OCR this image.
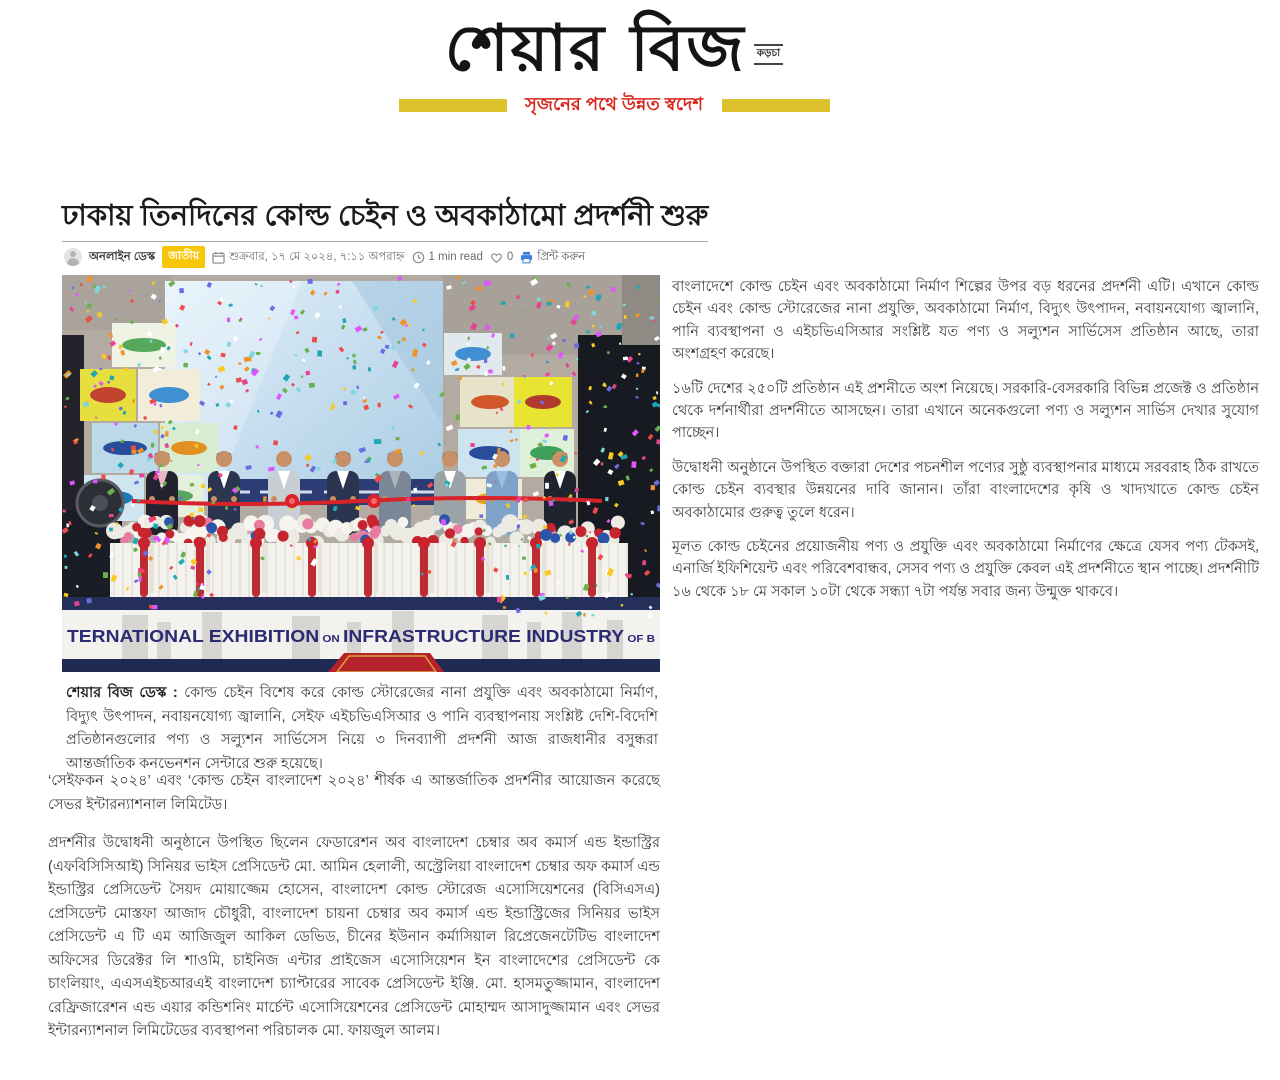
শেয়ার বিজ কড়চা
সৃজনের পথে উন্নত স্বদেশ
ঢাকায় তিনদিনের কোল্ড চেইন ও অবকাঠামো প্রদর্শনী শুরু
অনলাইন ডেস্ক	জাতীয়	শুক্রবার, ১৭ মে ২০২৪, ৭:১১ অপরাহ্ন 1 min read 0 প্রিন্ট করুন
TERNATIONAL EXHIBITION ON INFRASTRUCTURE INDUSTRY OF B

শেয়ার বিজ ডেস্ক : কোল্ড চেইন বিশেষ করে কোল্ড স্টোরেজের নানা প্রযুক্তি এবং অবকাঠামো নির্মাণ, বিদ্যুৎ উৎপাদন, নবায়নযোগ্য জ্বালানি, সেইফ এইচভিএসিআর ও পানি ব্যবস্থাপনায় সংশ্লিষ্ট দেশি-বিদেশি প্রতিষ্ঠানগুলোর পণ্য ও সল্যুশন সার্ভিসেস নিয়ে ৩ দিনব্যাপী প্রদর্শনী আজ রাজধানীর বসুন্ধরা আন্তর্জাতিক কনভেনশন সেন্টারে শুরু হয়েছে।

‘সেইফকন ২০২৪’ এবং ‘কোল্ড চেইন বাংলাদেশ ২০২৪’ শীর্ষক এ আন্তর্জাতিক প্রদর্শনীর আয়োজন করেছে সেভর ইন্টারন্যাশনাল লিমিটেড।

প্রদর্শনীর উদ্বোধনী অনুষ্ঠানে উপস্থিত ছিলেন ফেডারেশন অব বাংলাদেশ চেম্বার অব কমার্স এন্ড ইন্ডাস্ট্রির (এফবিসিসিআই) সিনিয়র ভাইস প্রেসিডেন্ট মো. আমিন হেলালী, অস্ট্রেলিয়া বাংলাদেশ চেম্বার অফ কমার্স এন্ড ইন্ডাস্ট্রির প্রেসিডেন্ট সৈয়দ মোয়াজ্জেম হোসেন, বাংলাদেশ কোল্ড স্টোরেজ এসোসিয়েশনের (বিসিএসএ) প্রেসিডেন্ট মোস্তফা আজাদ চৌধুরী, বাংলাদেশ চায়না চেম্বার অব কমার্স এন্ড ইন্ডাস্ট্রিজের সিনিয়র ভাইস প্রেসিডেন্ট এ টি এম আজিজুল আকিল ডেভিড, চীনের ইউনান কর্মাসিয়াল রিপ্রেজেনটেটিভ বাংলাদেশ অফিসের ডিরেক্টর লি শাওমি, চাইনিজ এন্টার প্রাইজেস এসোসিয়েশন ইন বাংলাদেশের প্রেসিডেন্ট কে চাংলিয়াং, এএসএইচআরএই বাংলাদেশ চ্যাপ্টারের সাবেক প্রেসিডেন্ট ইঞ্জি. মো. হাসমতুজ্জামান, বাংলাদেশ রেফ্রিজারেশন এন্ড এয়ার কন্ডিশনিং মার্চেন্ট এসোসিয়েশনের প্রেসিডেন্ট মোহাম্মদ আসাদুজ্জামান এবং সেভর ইন্টারন্যাশনাল লিমিটেডের ব্যবস্থাপনা পরিচালক মো. ফায়জুল আলম।

বাংলাদেশে কোল্ড চেইন এবং অবকাঠামো নির্মাণ শিল্পের উপর বড় ধরনের প্রদর্শনী এটি। এখানে কোল্ড চেইন এবং কোল্ড স্টোরেজের নানা প্রযুক্তি, অবকাঠামো নির্মাণ, বিদ্যুৎ উৎপাদন, নবায়নযোগ্য জ্বালানি, পানি ব্যবস্থাপনা ও এইচভিএসিআর সংশ্লিষ্ট যত পণ্য ও সল্যুশন সার্ভিসেস প্রতিষ্ঠান আছে, তারা অংশগ্রহণ করেছে।

১৬টি দেশের ২৫০টি প্রতিষ্ঠান এই প্রশনীতে অংশ নিয়েছে। সরকারি-বেসরকারি বিভিন্ন প্রজেক্ট ও প্রতিষ্ঠান থেকে দর্শনার্থীরা প্রদর্শনীতে আসছেন। তারা এখানে অনেকগুলো পণ্য ও সল্যুশন সার্ভিস দেখার সুযোগ পাচ্ছেন।

উদ্বোধনী অনুষ্ঠানে উপস্থিত বক্তারা দেশের পচনশীল পণ্যের সুষ্ঠু ব্যবস্থাপনার মাধ্যমে সরবরাহ ঠিক রাখতে কোল্ড চেইন ব্যবস্থার উন্নয়নের দাবি জানান। তাঁরা বাংলাদেশের কৃষি ও খাদ্যখাতে কোল্ড চেইন অবকাঠামোর গুরুত্ব তুলে ধরেন।

মূলত কোল্ড চেইনের প্রয়োজনীয় পণ্য ও প্রযুক্তি এবং অবকাঠামো নির্মাণের ক্ষেত্রে যেসব পণ্য টেকসই, এনার্জি ইফিশিয়েন্ট এবং পরিবেশবান্ধব, সেসব পণ্য ও প্রযুক্তি কেবল এই প্রদর্শনীতে স্থান পাচ্ছে। প্রদর্শনীটি ১৬ থেকে ১৮ মে সকাল ১০টা থেকে সন্ধ্যা ৭টা পর্যন্ত সবার জন্য উন্মুক্ত থাকবে।
